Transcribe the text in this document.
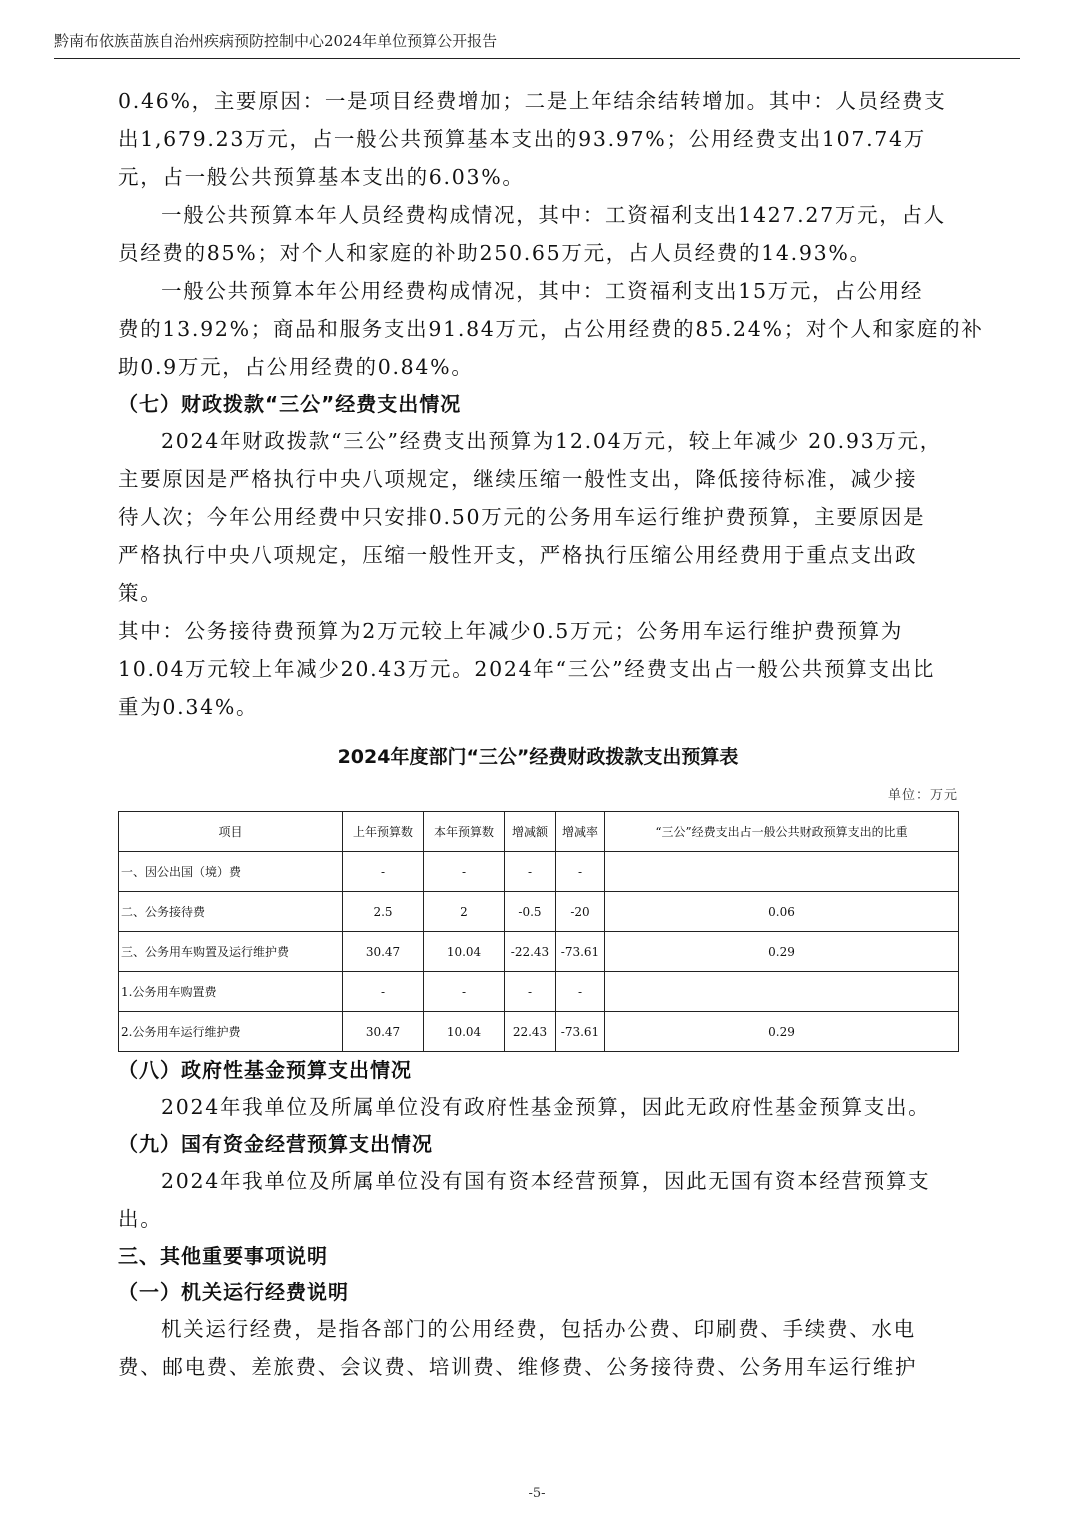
黔南布依族苗族自治州疾病预防控制中心2024年单位预算公开报告

0.46%，主要原因：一是项目经费增加；二是上年结余结转增加。其中：人员经费支

出1,679.23万元，占一般公共预算基本支出的93.97%；公用经费支出107.74万

元，占一般公共预算基本支出的6.03%。

一般公共预算本年人员经费构成情况，其中：工资福利支出1427.27万元，占人

员经费的85%；对个人和家庭的补助250.65万元，占人员经费的14.93%。

一般公共预算本年公用经费构成情况，其中：工资福利支出15万元，占公用经

费的13.92%；商品和服务支出91.84万元，占公用经费的85.24%；对个人和家庭的补

助0.9万元，占公用经费的0.84%。

（七）财政拨款“三公”经费支出情况

2024年财政拨款“三公”经费支出预算为12.04万元，较上年减少 20.93万元，

主要原因是严格执行中央八项规定，继续压缩一般性支出，降低接待标准，减少接

待人次；今年公用经费中只安排0.50万元的公务用车运行维护费预算，主要原因是

严格执行中央八项规定，压缩一般性开支，严格执行压缩公用经费用于重点支出政

策。

其中：公务接待费预算为2万元较上年减少0.5万元；公务用车运行维护费预算为

10.04万元较上年减少20.43万元。2024年“三公”经费支出占一般公共预算支出比

重为0.34%。

2024年度部门“三公”经费财政拨款支出预算表
单位：万元
项目	上年预算数	本年预算数	增减额	增减率	“三公”经费支出占一般公共财政预算支出的比重
一、因公出国（境）费	-	-	-	-	
二、公务接待费	2.5	2	-0.5	-20	0.06
三、公务用车购置及运行维护费	30.47	10.04	-22.43	-73.61	0.29
1.公务用车购置费	-	-	-	-	
2.公务用车运行维护费	30.47	10.04	22.43	-73.61	0.29
（八）政府性基金预算支出情况

2024年我单位及所属单位没有政府性基金预算，因此无政府性基金预算支出。

（九）国有资金经营预算支出情况

2024年我单位及所属单位没有国有资本经营预算，因此无国有资本经营预算支

出。

三、其他重要事项说明
（一）机关运行经费说明

机关运行经费，是指各部门的公用经费，包括办公费、印刷费、手续费、水电

费、邮电费、差旅费、会议费、培训费、维修费、公务接待费、公务用车运行维护

-5-
